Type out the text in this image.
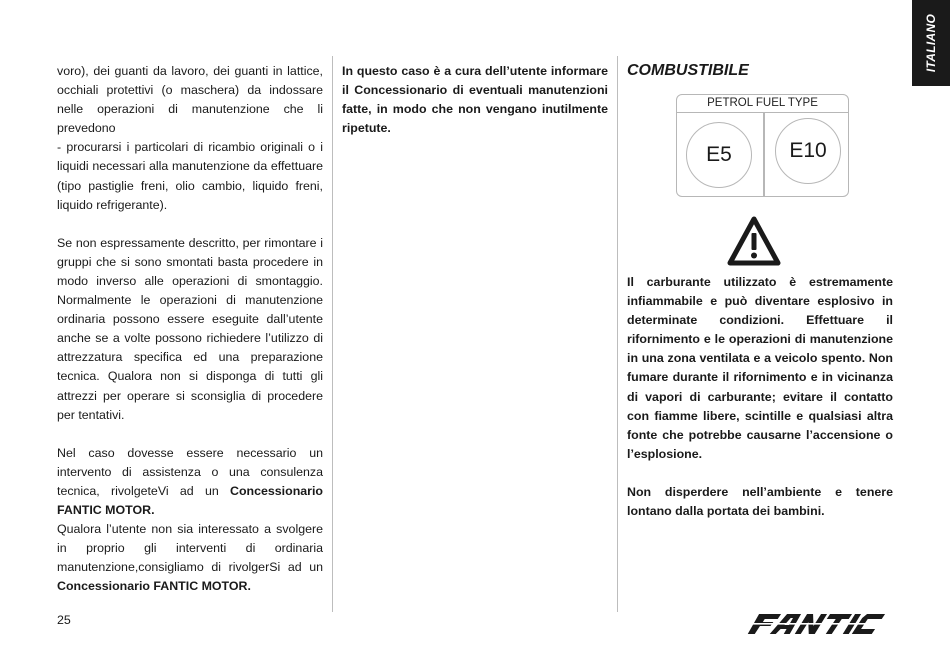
ITALIANO

voro), dei guanti da lavoro, dei guanti in lattice, occhiali protettivi (o maschera) da indossare nelle operazioni di manutenzione che li prevedono

- procurarsi i particolari di ricambio originali o i liquidi necessari alla manutenzione da effettuare (tipo pastiglie freni, olio cambio, liquido freni, liquido refrigerante).

Se non espressamente descritto, per rimontare i gruppi che si sono smontati basta procedere in modo inverso alle operazioni di smontaggio. Normalmente le operazioni di manutenzione ordinaria possono essere eseguite dall’utente anche se a volte possono richiedere l’utilizzo di attrezzatura specifica ed una preparazione tecnica. Qualora non si disponga di tutti gli attrezzi per operare si sconsiglia di procedere per tentativi.

Nel caso dovesse essere necessario un intervento di assistenza o una consulenza tecnica, rivolgeteVi ad un Concessionario FANTIC MOTOR.

Qualora l’utente non sia interessato a svolgere in proprio gli interventi di ordinaria manutenzione,consigliamo di rivolgerSi ad un Concessionario FANTIC MOTOR.

In questo caso è a cura dell’utente informare il Concessionario di eventuali manutenzioni fatte, in modo che non vengano inutilmente ripetute.

COMBUSTIBILE
PETROL FUEL TYPE
E5	E10

Il carburante utilizzato è estremamente infiammabile e può diventare esplosivo in determinate condizioni. Effettuare il rifornimento e le operazioni di manutenzione in una zona ventilata e a veicolo spento. Non fumare durante il rifornimento e in vicinanza di vapori di carburante; evitare il contatto con fiamme libere, scintille e qualsiasi altra fonte che potrebbe causarne l’accensione o l’esplosione.

Non disperdere nell’ambiente e tenere lontano dalla portata dei bambini.

25
